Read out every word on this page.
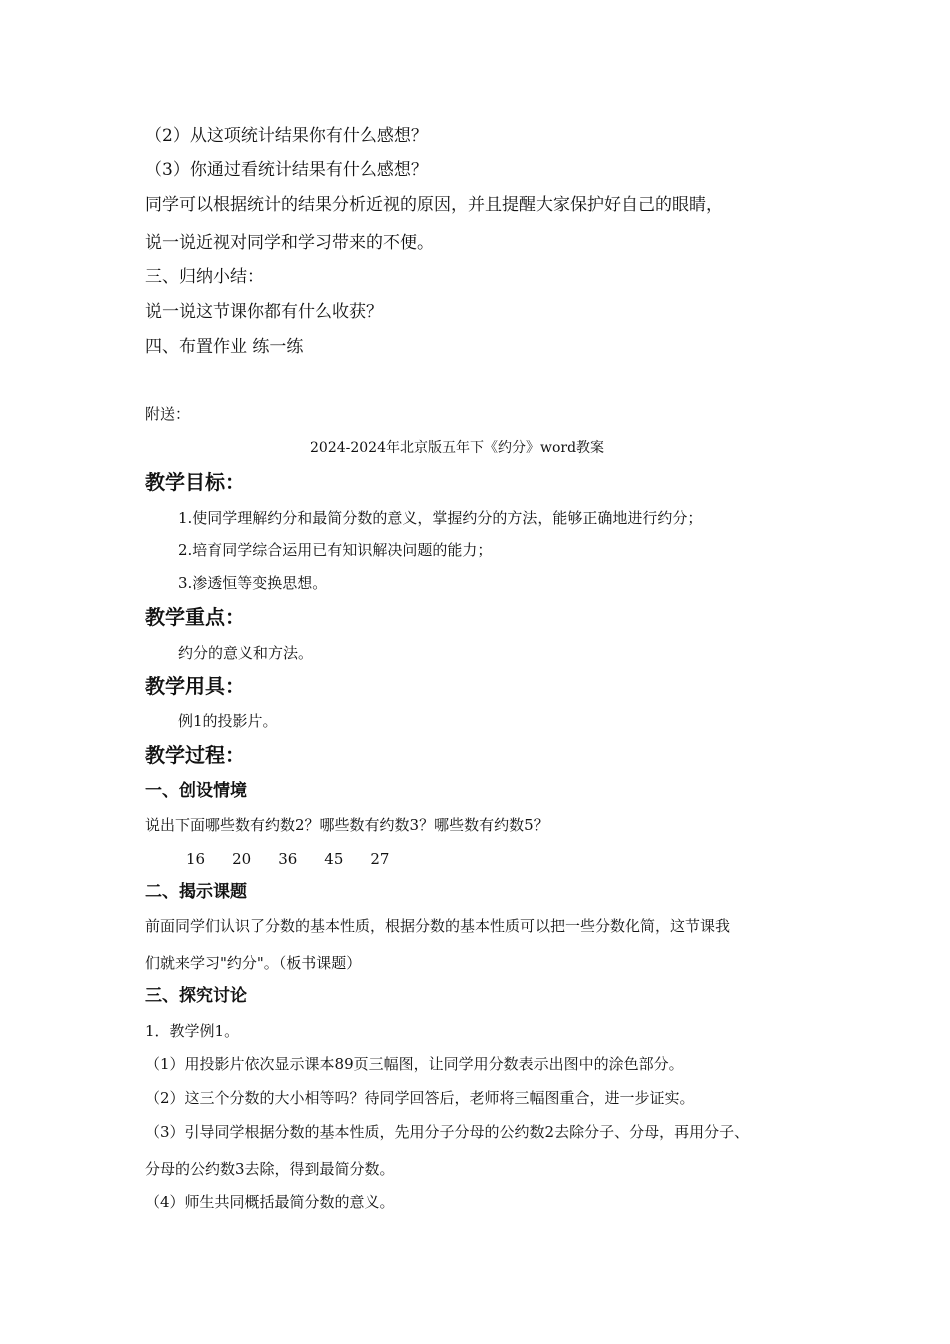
（2）从这项统计结果你有什么感想？
（3）你通过看统计结果有什么感想？
同学可以根据统计的结果分析近视的原因，并且提醒大家保护好自己的眼睛，
说一说近视对同学和学习带来的不便。
三、归纳小结：
说一说这节课你都有什么收获？
四、布置作业 练一练
附送：
2024-2024年北京版五年下《约分》word教案
教学目标：
1.使同学理解约分和最简分数的意义，掌握约分的方法，能够正确地进行约分；
2.培育同学综合运用已有知识解决问题的能力；
3.渗透恒等变换思想。
教学重点：
约分的意义和方法。
教学用具：
例1的投影片。
教学过程：
一、创设情境
说出下面哪些数有约数2？哪些数有约数3？哪些数有约数5？
16 20 36 45 27
二、揭示课题
前面同学们认识了分数的基本性质，根据分数的基本性质可以把一些分数化简，这节课我
们就来学习"约分"。（板书课题）
三、探究讨论
1．教学例1。
（1）用投影片依次显示课本89页三幅图，让同学用分数表示出图中的涂色部分。
（2）这三个分数的大小相等吗？待同学回答后，老师将三幅图重合，进一步证实。
（3）引导同学根据分数的基本性质，先用分子分母的公约数2去除分子、分母，再用分子、
分母的公约数3去除，得到最简分数。
（4）师生共同概括最简分数的意义。
